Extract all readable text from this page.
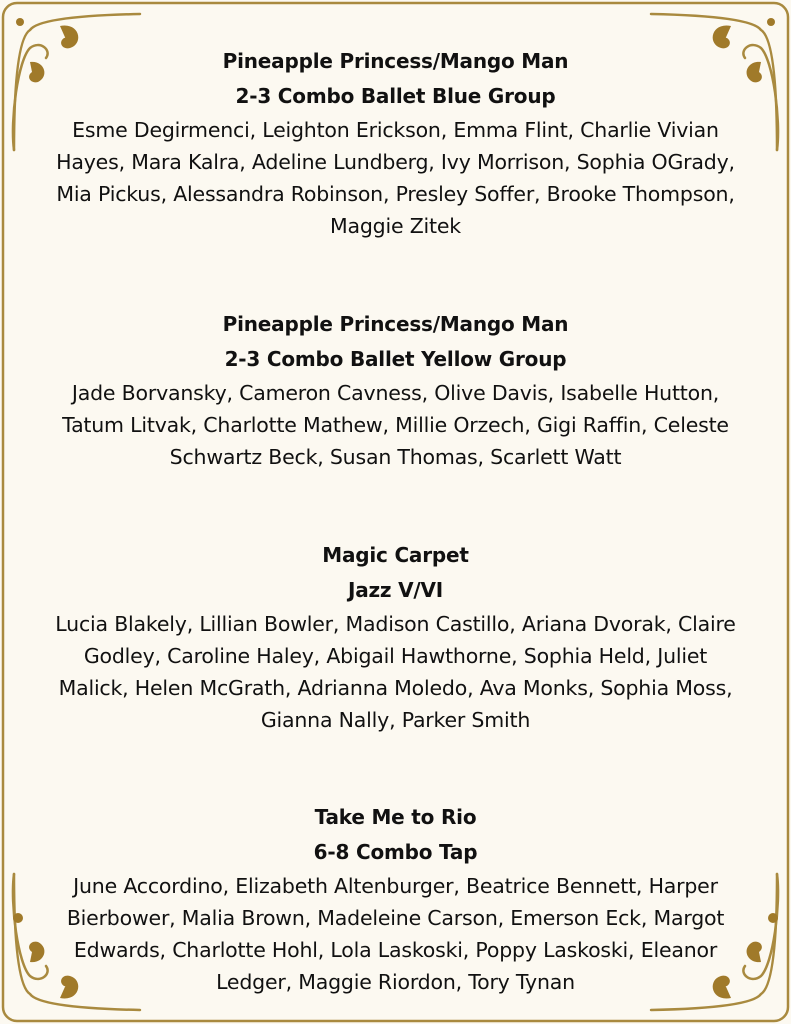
Pineapple Princess/Mango Man
2-3 Combo Ballet Blue Group
Esme Degirmenci, Leighton Erickson, Emma Flint, Charlie Vivian Hayes, Mara Kalra, Adeline Lundberg, Ivy Morrison, Sophia OGrady, Mia Pickus, Alessandra Robinson, Presley Soffer, Brooke Thompson, Maggie Zitek
Pineapple Princess/Mango Man
2-3 Combo Ballet Yellow Group
Jade Borvansky, Cameron Cavness, Olive Davis, Isabelle Hutton, Tatum Litvak, Charlotte Mathew, Millie Orzech, Gigi Raffin, Celeste Schwartz Beck, Susan Thomas, Scarlett Watt
Magic Carpet
Jazz V/VI
Lucia Blakely, Lillian Bowler, Madison Castillo, Ariana Dvorak, Claire Godley, Caroline Haley, Abigail Hawthorne, Sophia Held, Juliet Malick, Helen McGrath, Adrianna Moledo, Ava Monks, Sophia Moss, Gianna Nally, Parker Smith
Take Me to Rio
6-8 Combo Tap
June Accordino, Elizabeth Altenburger, Beatrice Bennett, Harper Bierbower, Malia Brown, Madeleine Carson, Emerson Eck, Margot Edwards, Charlotte Hohl, Lola Laskoski, Poppy Laskoski, Eleanor Ledger, Maggie Riordon, Tory Tynan
